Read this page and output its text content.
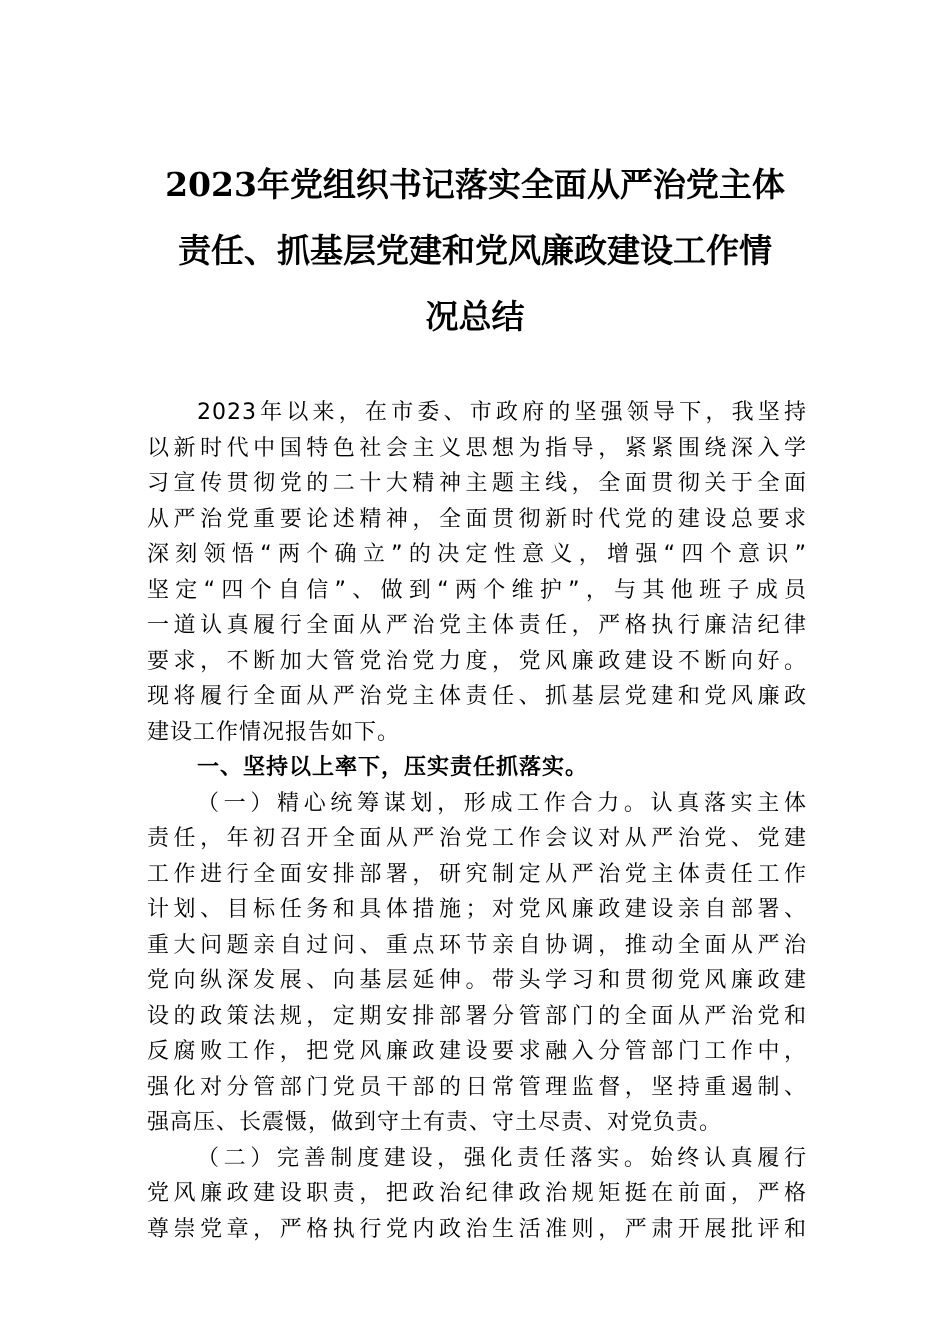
2023年党组织书记落实全面从严治党主体
责任、抓基层党建和党风廉政建设工作情
况总结
2023年以来，在市委、市政府的坚强领导下，我坚持
以新时代中国特色社会主义思想为指导，紧紧围绕深入学
习宣传贯彻党的二十大精神主题主线，全面贯彻关于全面
从严治党重要论述精神，全面贯彻新时代党的建设总要求
深刻领悟“两个确立”的决定性意义，增强“四个意识”
坚定“四个自信”、做到“两个维护”，与其他班子成员
一道认真履行全面从严治党主体责任，严格执行廉洁纪律
要求，不断加大管党治党力度，党风廉政建设不断向好。
现将履行全面从严治党主体责任、抓基层党建和党风廉政
建设工作情况报告如下。
一、坚持以上率下，压实责任抓落实。
（一）精心统筹谋划，形成工作合力。认真落实主体
责任，年初召开全面从严治党工作会议对从严治党、党建
工作进行全面安排部署，研究制定从严治党主体责任工作
计划、目标任务和具体措施；对党风廉政建设亲自部署、
重大问题亲自过问、重点环节亲自协调，推动全面从严治
党向纵深发展、向基层延伸。带头学习和贯彻党风廉政建
设的政策法规，定期安排部署分管部门的全面从严治党和
反腐败工作，把党风廉政建设要求融入分管部门工作中，
强化对分管部门党员干部的日常管理监督，坚持重遏制、
强高压、长震慑，做到守土有责、守土尽责、对党负责。
（二）完善制度建设，强化责任落实。始终认真履行
党风廉政建设职责，把政治纪律政治规矩挺在前面，严格
尊崇党章，严格执行党内政治生活准则，严肃开展批评和
